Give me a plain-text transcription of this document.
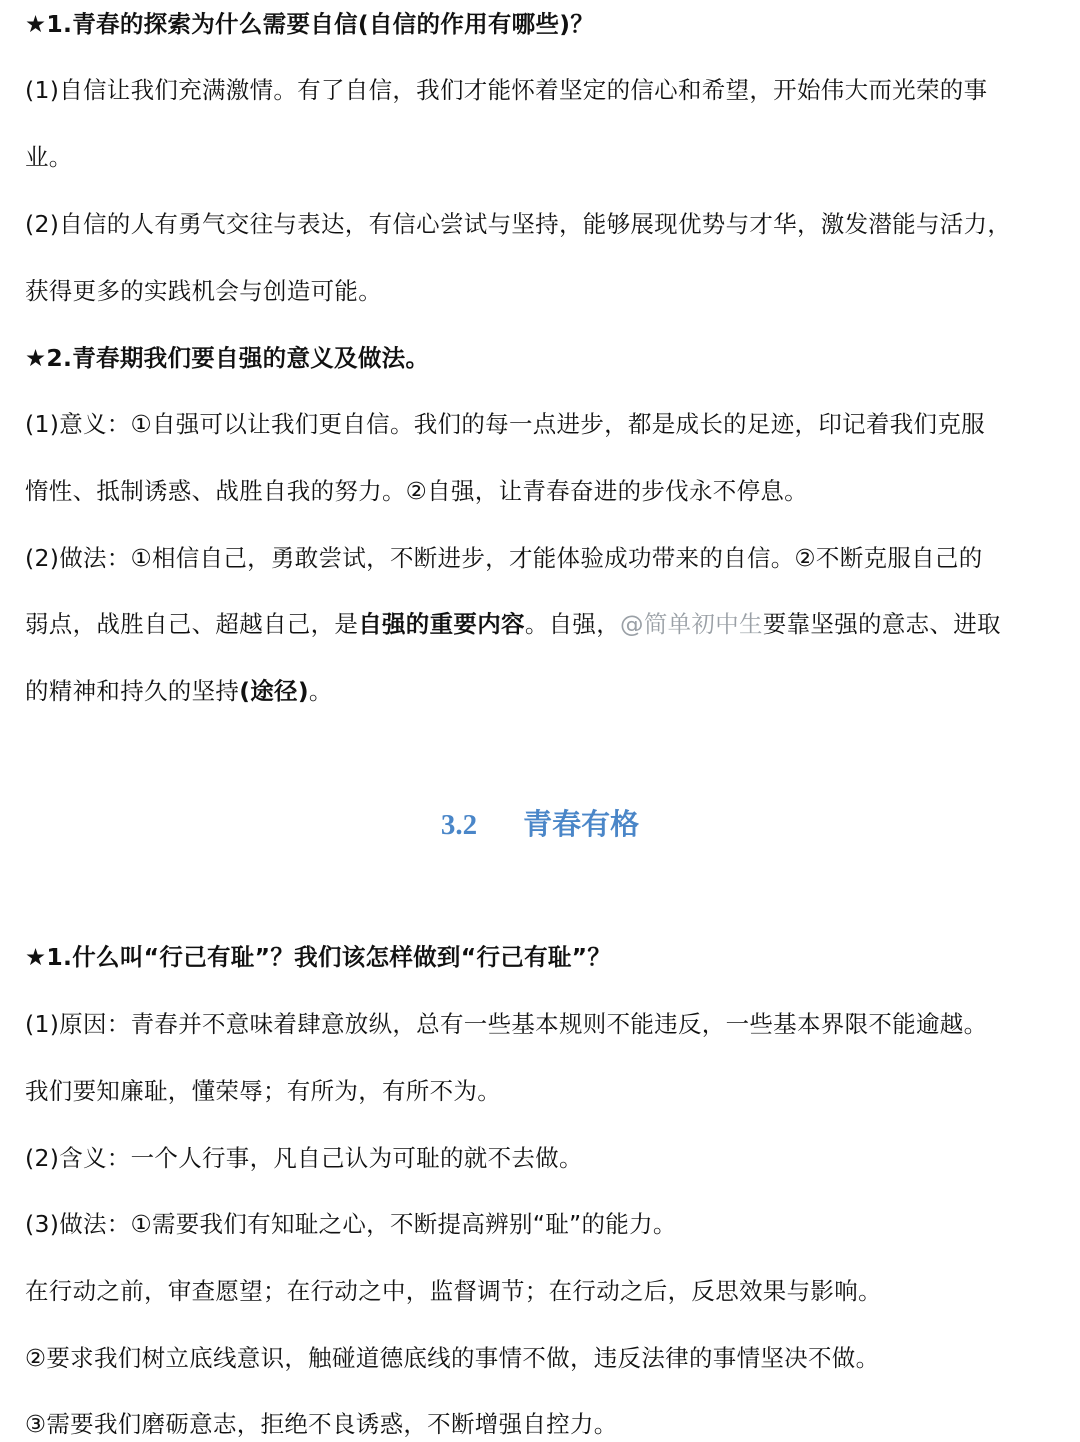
★1.青春的探索为什么需要自信(自信的作用有哪些)？

(1)自信让我们充满激情。有了自信，我们才能怀着坚定的信心和希望，开始伟大而光荣的事

业。

(2)自信的人有勇气交往与表达，有信心尝试与坚持，能够展现优势与才华，激发潜能与活力，

获得更多的实践机会与创造可能。

★2.青春期我们要自强的意义及做法。

(1)意义：①自强可以让我们更自信。我们的每一点进步，都是成长的足迹，印记着我们克服

惰性、抵制诱惑、战胜自我的努力。②自强，让青春奋进的步伐永不停息。

(2)做法：①相信自己，勇敢尝试，不断进步，才能体验成功带来的自信。②不断克服自己的

弱点，战胜自己、超越自己，是自强的重要内容。自强，@简单初中生要靠坚强的意志、进取

的精神和持久的坚持(途径)。

3.2 青春有格

★1.什么叫“行己有耻”？我们该怎样做到“行己有耻”？

(1)原因：青春并不意味着肆意放纵，总有一些基本规则不能违反，一些基本界限不能逾越。

我们要知廉耻，懂荣辱；有所为，有所不为。

(2)含义：一个人行事，凡自己认为可耻的就不去做。

(3)做法：①需要我们有知耻之心，不断提高辨别“耻”的能力。

在行动之前，审查愿望；在行动之中，监督调节；在行动之后，反思效果与影响。

②要求我们树立底线意识，触碰道德底线的事情不做，违反法律的事情坚决不做。

③需要我们磨砺意志，拒绝不良诱惑，不断增强自控力。
